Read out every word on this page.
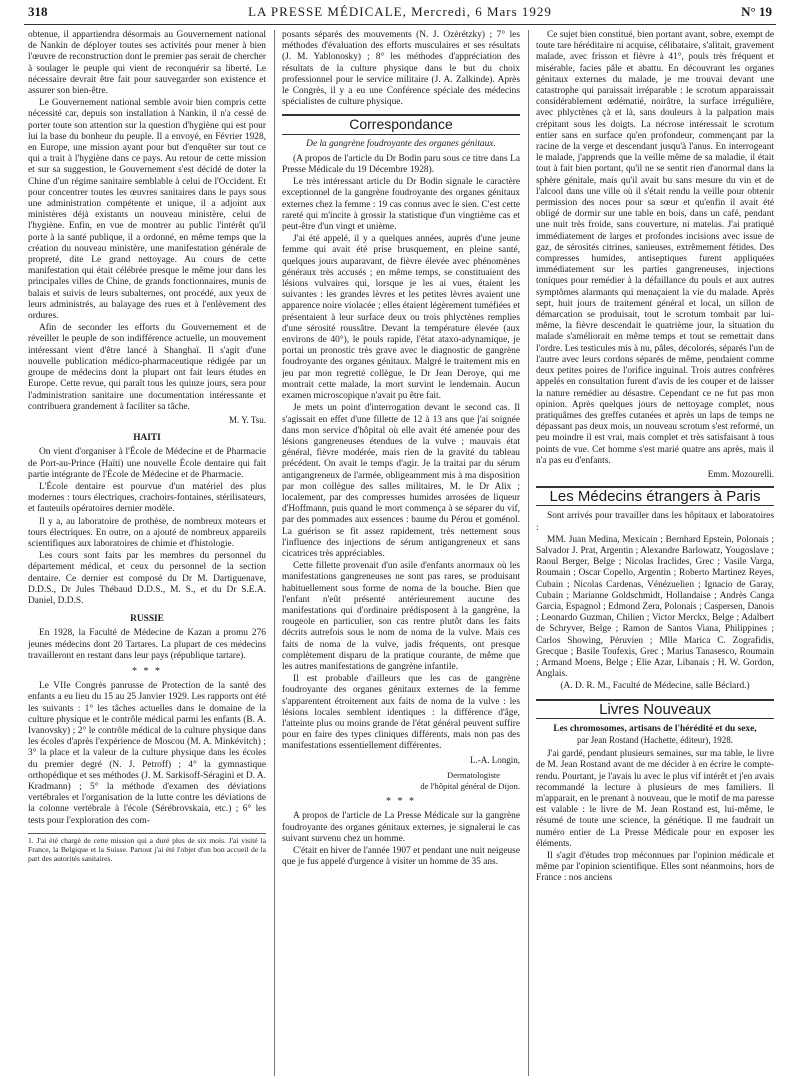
318	LA PRESSE MÉDICALE, Mercredi, 6 Mars 1929	N° 19

obtenue, il appartiendra désormais au Gouvernement national de Nankin de déployer toutes ses activités pour mener à bien l'œuvre de reconstruction dont le premier pas serait de chercher à soulager le peuple qui vient de reconquérir sa liberté. Le nécessaire devrait être fait pour sauvegarder son existence et assurer son bien-être.

Le Gouvernement national semble avoir bien compris cette nécessité car, depuis son installation à Nankin, il n'a cessé de porter toute son attention sur la question d'hygiène qui est pour lui la base du bonheur du peuple. Il a envoyé, en Février 1928, en Europe, une mission ayant pour but d'enquêter sur tout ce qui a trait à l'hygiène dans ce pays. Au retour de cette mission et sur sa suggestion, le Gouvernement s'est décidé de doter la Chine d'un régime sanitaire semblable à celui de l'Occident. Et pour concentrer toutes les œuvres sanitaires dans le pays sous une administration compétente et unique, il a adjoint aux ministères déjà existants un nouveau ministère, celui de l'hygiène. Enfin, en vue de montrer au public l'intérêt qu'il porte à la santé publique, il a ordonné, en même temps que la création du nouveau ministère, une manifestation générale de propreté, dite Le grand nettoyage. Au cours de cette manifestation qui était célébrée presque le même jour dans les principales villes de Chine, de grands fonctionnaires, munis de balais et suivis de leurs subalternes, ont procédé, aux yeux de leurs administrés, au balayage des rues et à l'enlèvement des ordures.

Afin de seconder les efforts du Gouvernement et de réveiller le peuple de son indifférence actuelle, un mouvement intéressant vient d'être lancé à Shanghaï. Il s'agit d'une nouvelle publication médico-pharmaceutique rédigée par un groupe de médecins dont la plupart ont fait leurs études en Europe. Cette revue, qui paraît tous les quinze jours, sera pour l'administration sanitaire une documentation intéressante et contribuera grandement à faciliter sa tâche.

M. Y. Tsu.
HAITI

On vient d'organiser à l'École de Médecine et de Pharmacie de Port-au-Prince (Haïti) une nouvelle École dentaire qui fait partie intégrante de l'École de Médecine et de Pharmacie.

L'École dentaire est pourvue d'un matériel des plus modernes : tours électriques, crachoirs-fontaines, stérilisateurs, et fauteuils opératoires dernier modèle.

Il y a, au laboratoire de prothèse, de nombreux moteurs et tours électriques. En outre, on a ajouté de nombreux appareils scientifiques aux laboratoires de chimie et d'histologie.

Les cours sont faits par les membres du personnel du département médical, et ceux du personnel de la section dentaire. Ce dernier est composé du Dr M. Dartiguenave, D.D.S., Dr Jules Thébaud D.D.S., M. S., et du Dr S.E.A. Daniel, D.D.S.

RUSSIE

En 1928, la Faculté de Médecine de Kazan a promu 276 jeunes médecins dont 20 Tartares. La plupart de ces médecins travailleront en restant dans leur pays (république tartare).

* * *

Le VIIe Congrès panrusse de Protection de la santé des enfants a eu lieu du 15 au 25 Janvier 1929. Les rapports ont été les suivants : 1° les tâches actuelles dans le domaine de la culture physique et le contrôle médical parmi les enfants (B. A. Ivanovsky) ; 2° le contrôle médical de la culture physique dans les écoles d'après l'expérience de Moscou (M. A. Minkévitch) ; 3° la place et la valeur de la culture physique dans les écoles du premier degré (N. J. Petroff) ; 4° la gymnastique orthopédique et ses méthodes (J. M. Sarkisoff-Séragini et D. A. Kradmann) ; 5° la méthode d'examen des déviations vertébrales et l'organisation de la lutte contre les déviations de la colonne vertébrale à l'école (Sérébrovskaia, etc.) ; 6° les tests pour l'exploration des com-

1. J'ai été chargé de cette mission qui a duré plus de six mois. J'ai visité la France, la Belgique et la Suisse. Partout j'ai été l'objet d'un bon accueil de la part des autorités sanitaires.

posants séparés des mouvements (N. J. Ozérétzky) ; 7° les méthodes d'évaluation des efforts musculaires et ses résultats (J. M. Yablonosky) ; 8° les méthodes d'appréciation des résultats de la culture physique dans le but du choix professionnel pour le service militaire (J. A. Zalkinde). Après le Congrès, il y a eu une Conférence spéciale des médecins spécialistes de culture physique.

Correspondance
De la gangrène foudroyante des organes génitaux.

(A propos de l'article du Dr Bodin paru sous ce titre dans La Presse Médicale du 19 Décembre 1928).

Le très intéressant article du Dr Bodin signale le caractère exceptionnel de la gangrène foudroyante des organes génitaux externes chez la femme : 19 cas connus avec le sien. C'est cette rareté qui m'incite à grossir la statistique d'un vingtième cas et peut-être d'un vingt et unième.

J'ai été appelé, il y a quelques années, auprès d'une jeune femme qui avait été prise brusquement, en pleine santé, quelques jours auparavant, de fièvre élevée avec phénomènes généraux très accusés ; en même temps, se constituaient des lésions vulvaires qui, lorsque je les ai vues, étaient les suivantes : les grandes lèvres et les petites lèvres avaient une apparence noire violacée ; elles étaient légèrement tuméfiées et présentaient à leur surface deux ou trois phlyctènes remplies d'une sérosité roussâtre. Devant la température élevée (aux environs de 40°), le pouls rapide, l'état ataxo-adynamique, je portai un pronostic très grave avec le diagnostic de gangrène foudroyante des organes génitaux. Malgré le traitement mis en jeu par mon regretté collègue, le Dr Jean Deroye, qui me montrait cette malade, la mort survint le lendemain. Aucun examen microscopique n'avait pu être fait.

Je mets un point d'interrogation devant le second cas. Il s'agissait en effet d'une fillette de 12 à 13 ans que j'ai soignée dans mon service d'hôpital où elle avait été amenée pour des lésions gangreneuses étendues de la vulve ; mauvais état général, fièvre modérée, mais rien de la gravité du tableau précédent. On avait le temps d'agir. Je la traitai par du sérum antigangreneux de l'armée, obligeamment mis à ma disposition par mon collègue des salles militaires, M. le Dr Alix ; localement, par des compresses humides arrosées de liqueur d'Hoffmann, puis quand le mort commença à se séparer du vif, par des pommades aux essences : baume du Pérou et goménol. La guérison se fit assez rapidement, très nettement sous l'influence des injections de sérum antigangreneux et sans cicatrices très appréciables.

Cette fillette provenait d'un asile d'enfants anormaux où les manifestations gangreneuses ne sont pas rares, se produisant habituellement sous forme de noma de la bouche. Bien que l'enfant n'eût présenté antérieurement aucune des manifestations qui d'ordinaire prédisposent à la gangrène, la rougeole en particulier, son cas rentre plutôt dans les faits décrits autrefois sous le nom de noma de la vulve. Mais ces faits de noma de la vulve, jadis fréquents, ont presque complètement disparu de la pratique courante, de même que les autres manifestations de gangrène infantile.

Il est probable d'ailleurs que les cas de gangrène foudroyante des organes génitaux externes de la femme s'apparentent étroitement aux faits de noma de la vulve : les lésions locales semblent identiques : la différence d'âge, l'atteinte plus ou moins grande de l'état général peuvent suffire pour en faire des types cliniques différents, mais non pas des manifestations essentiellement différentes.

L.-A. Longin,
Dermatologiste
de l'hôpital général de Dijon.
* * *

A propos de l'article de La Presse Médicale sur la gangrène foudroyante des organes génitaux externes, je signalerai le cas suivant survenu chez un homme.

C'était en hiver de l'année 1907 et pendant une nuit neigeuse que je fus appelé d'urgence à visiter un homme de 35 ans.

Ce sujet bien constitué, bien portant avant, sobre, exempt de toute tare héréditaire ni acquise, célibataire, s'alitait, gravement malade, avec frisson et fièvre à 41°, pouls très fréquent et misérable, facies pâle et abattu. En découvrant les organes génitaux externes du malade, je me trouvai devant une catastrophe qui paraissait irréparable : le scrotum apparaissait considérablement œdématié, noirâtre, la surface irrégulière, avec phlyctènes çà et là, sans douleurs à la palpation mais crépitant sous les doigts. La nécrose intéressait le scrotum entier sans en surface qu'en profondeur, commençant par la racine de la verge et descendant jusqu'à l'anus. En interrogeant le malade, j'apprends que la veille même de sa maladie, il était tout à fait bien portant, qu'il ne se sentit rien d'anormal dans la sphère génitale, mais qu'il avait bu sans mesure du vin et de l'alcool dans une ville où il s'était rendu la veille pour obtenir permission des noces pour sa sœur et qu'enfin il avait été obligé de dormir sur une table en bois, dans un café, pendant une nuit très froide, sans couverture, ni matelas. J'ai pratiqué immédiatement de larges et profondes incisions avec issue de gaz, de sérosités citrines, sanieuses, extrêmement fétides. Des compresses humides, antiseptiques furent appliquées immédiatement sur les parties gangreneuses, injections toniques pour remédier à la défaillance du pouls et aux autres symptômes alarmants qui menaçaient la vie du malade. Après sept, huit jours de traitement général et local, un sillon de démarcation se produisait, tout le scrotum tombait par lui-même, la fièvre descendait le quatrième jour, la situation du malade s'améliorait en même temps et tout se remettait dans l'ordre. Les testicules mis à nu, pâles, décolorés, séparés l'un de l'autre avec leurs cordons séparés de même, pendaient comme deux petites poires de l'orifice inguinal. Trois autres confrères appelés en consultation furent d'avis de les couper et de laisser la nature remédier au désastre. Cependant ce ne fut pas mon opinion. Après quelques jours de nettoyage complet, nous pratiquâmes des greffes cutanées et après un laps de temps ne dépassant pas deux mois, un nouveau scrotum s'est reformé, un peu moindre il est vrai, mais complet et très satisfaisant à tous points de vue. Cet homme s'est marié quatre ans après, mais il n'a pas eu d'enfants.

Emm. Mozourelli.
Les Médecins étrangers à Paris

Sont arrivés pour travailler dans les hôpitaux et laboratoires :

MM. Juan Medina, Mexicain ; Bernhard Epstein, Polonais ; Salvador J. Prat, Argentin ; Alexandre Barlowatz, Yougoslave ; Raoul Berger, Belge ; Nicolas Iraclides, Grec ; Vasile Varga, Roumain ; Oscar Copello, Argentin ; Roberto Martinez Reyes, Cubain ; Nicolas Cardenas, Vénézuelien ; Ignacio de Garay, Cubain ; Marianne Goldschmidt, Hollandaise ; Andrès Canga Garcia, Espagnol ; Edmond Zera, Polonais ; Caspersen, Danois ; Leonardo Guzman, Chilien ; Victor Merckx, Belge ; Adalbert de Schryver, Belge ; Ramon de Santos Viana, Philippines ; Carlos Showing, Péruvien ; Mlle Marica C. Zografidis, Grecque ; Basile Toufexis, Grec ; Marius Tanasesco, Roumain ; Armand Moens, Belge ; Elie Azar, Libanais ; H. W. Gordon, Anglais.

(A. D. R. M., Faculté de Médecine, salle Béclard.)

Livres Nouveaux
Les chromosomes, artisans de l'hérédité et du sexe,
par Jean Rostand (Hachette, éditeur), 1928.

J'ai gardé, pendant plusieurs semaines, sur ma table, le livre de M. Jean Rostand avant de me décider à en écrire le compte-rendu. Pourtant, je l'avais lu avec le plus vif intérêt et j'en avais recommandé la lecture à plusieurs de mes familiers. Il m'apparait, en le prenant à nouveau, que le motif de ma paresse est valable : le livre de M. Jean Rostand est, lui-même, le résumé de toute une science, la génétique. Il me faudrait un numéro entier de La Presse Médicale pour en exposer les éléments.

Il s'agit d'études trop méconnues par l'opinion médicale et même par l'opinion scientifique. Elles sont néanmoins, hors de France : nos anciens
